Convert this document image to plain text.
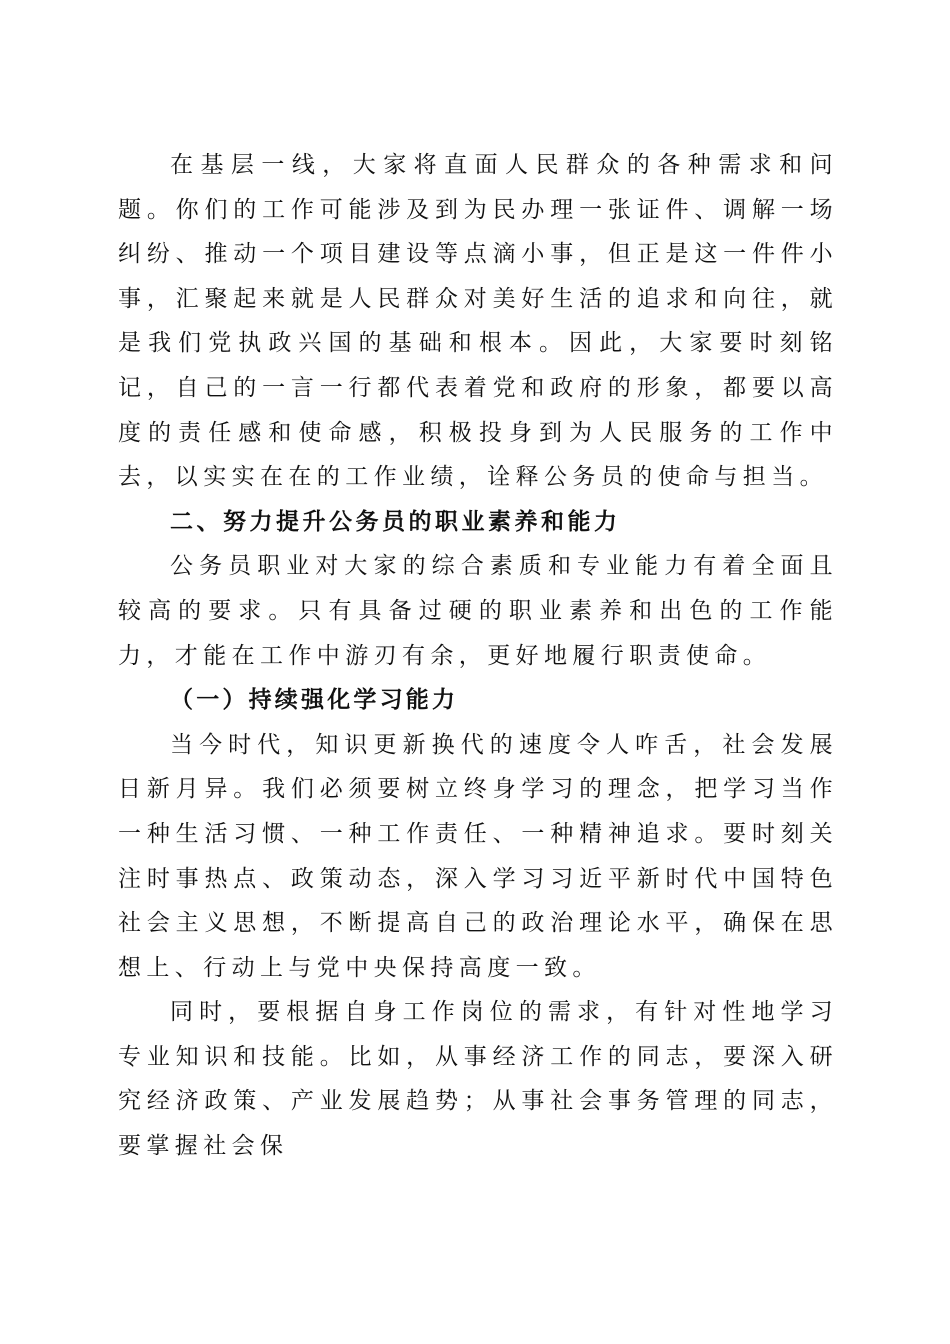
在基层一线，大家将直面人民群众的各种需求和问题。你们的工作可能涉及到为民办理一张证件、调解一场纠纷、推动一个项目建设等点滴小事，但正是这一件件小事，汇聚起来就是人民群众对美好生活的追求和向往，就是我们党执政兴国的基础和根本。因此，大家要时刻铭记，自己的一言一行都代表着党和政府的形象，都要以高度的责任感和使命感，积极投身到为人民服务的工作中去，以实实在在的工作业绩，诠释公务员的使命与担当。

二、努力提升公务员的职业素养和能力

公务员职业对大家的综合素质和专业能力有着全面且较高的要求。只有具备过硬的职业素养和出色的工作能力，才能在工作中游刃有余，更好地履行职责使命。

（一）持续强化学习能力

当今时代，知识更新换代的速度令人咋舌，社会发展日新月异。我们必须要树立终身学习的理念，把学习当作一种生活习惯、一种工作责任、一种精神追求。要时刻关注时事热点、政策动态，深入学习习近平新时代中国特色社会主义思想，不断提高自己的政治理论水平，确保在思想上、行动上与党中央保持高度一致。

同时，要根据自身工作岗位的需求，有针对性地学习专业知识和技能。比如，从事经济工作的同志，要深入研究经济政策、产业发展趋势；从事社会事务管理的同志，要掌握社会保
